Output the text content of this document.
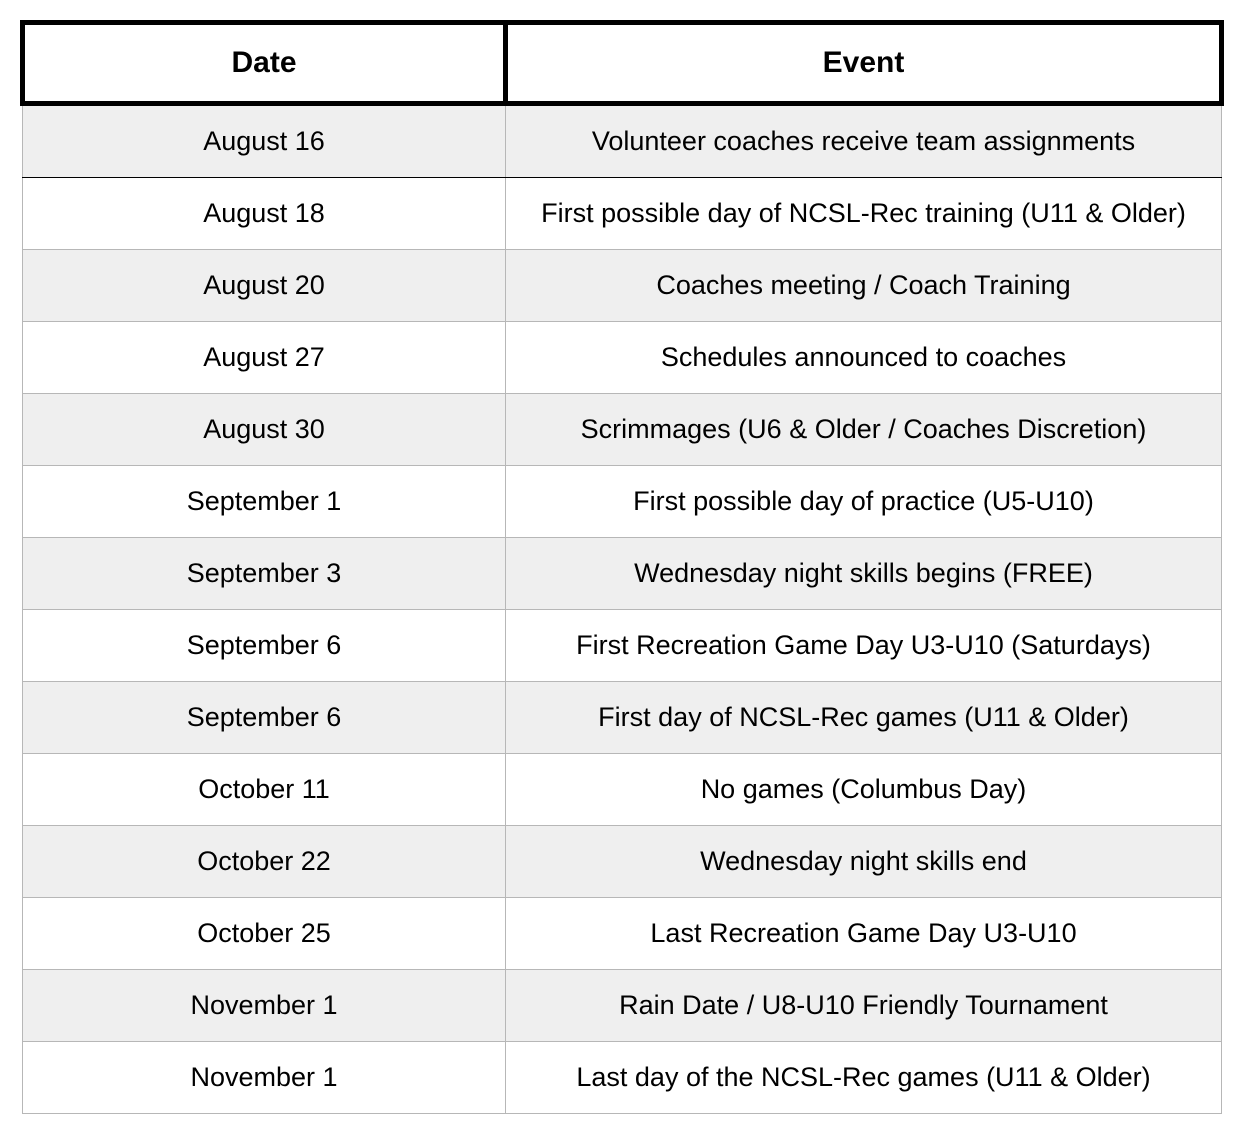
Date	Event
August 16	Volunteer coaches receive team assignments
August 18	First possible day of NCSL-Rec training (U11 & Older)
August 20	Coaches meeting / Coach Training
August 27	Schedules announced to coaches
August 30	Scrimmages (U6 & Older / Coaches Discretion)
September 1	First possible day of practice (U5-U10)
September 3	Wednesday night skills begins (FREE)
September 6	First Recreation Game Day U3-U10 (Saturdays)
September 6	First day of NCSL-Rec games (U11 & Older)
October 11	No games (Columbus Day)
October 22	Wednesday night skills end
October 25	Last Recreation Game Day U3-U10
November 1	Rain Date / U8-U10 Friendly Tournament
November 1	Last day of the NCSL-Rec games (U11 & Older)
